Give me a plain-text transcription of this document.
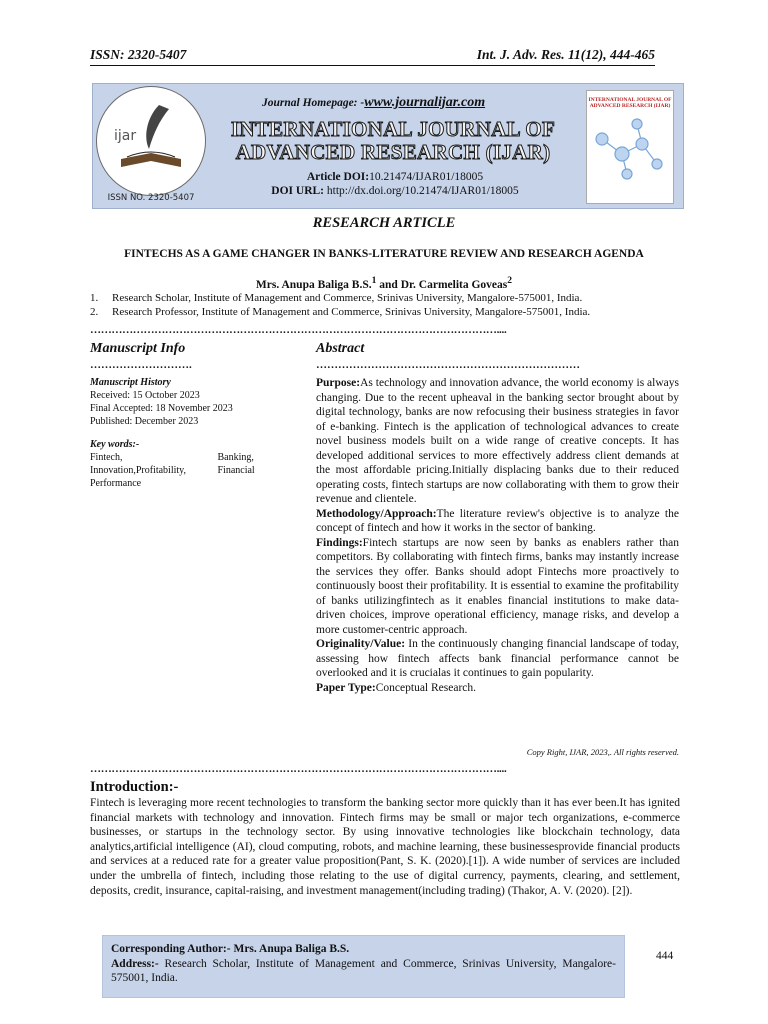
ISSN: 2320-5407	Int. J. Adv. Res. 11(12), 444-465
ijar
ISSN NO. 2320-5407
Journal Homepage: -www.journalijar.com
INTERNATIONAL JOURNAL OF
ADVANCED RESEARCH (IJAR)
Article DOI:10.21474/IJAR01/18005
DOI URL: http://dx.doi.org/10.21474/IJAR01/18005
INTERNATIONAL JOURNAL OF ADVANCED RESEARCH (IJAR)
RESEARCH ARTICLE
FINTECHS AS A GAME CHANGER IN BANKS-LITERATURE REVIEW AND RESEARCH AGENDA
Mrs. Anupa Baliga B.S.$^1$ and Dr. Carmelita Goveas$^2$
1. Research Scholar, Institute of Management and Commerce, Srinivas University, Mangalore-575001, India.
2. Research Professor, Institute of Management and Commerce, Srinivas University, Mangalore-575001, India.
……………………………………………………………………………………………………....
Manuscript Info
……………………….
Manuscript History
Received: 15 October 2023
Final Accepted: 18 November 2023
Published: December 2023
Key words:-
Fintech,	Banking,
Innovation,Profitability,	Financial
Performance
Abstract
………………………………………………………………

Purpose:As technology and innovation advance, the world economy is always changing. Due to the recent upheaval in the banking sector brought about by digital technology, banks are now refocusing their business strategies in favor of e-banking. Fintech is the application of technological advances to create novel business models built on a wide range of creative concepts. It has developed additional services to more effectively address client demands at the most affordable pricing.Initially displacing banks due to their reduced operating costs, fintech startups are now collaborating with them to grow their revenue and clientele.

Methodology/Approach:The literature review's objective is to analyze the concept of fintech and how it works in the sector of banking.

Findings:Fintech startups are now seen by banks as enablers rather than competitors. By collaborating with fintech firms, banks may instantly increase the services they offer. Banks should adopt Fintechs more proactively to continuously boost their profitability. It is essential to examine the profitability of banks utilizingfintech as it enables financial institutions to make data-driven choices, improve operational efficiency, manage risks, and develop a more customer-centric approach.

Originality/Value: In the continuously changing financial landscape of today, assessing how fintech affects bank financial performance cannot be overlooked and it is crucialas it continues to gain popularity.

Paper Type:Conceptual Research.

Copy Right, IJAR, 2023,. All rights reserved.
……………………………………………………………………………………………………....
Introduction:-
Fintech is leveraging more recent technologies to transform the banking sector more quickly than it has ever been.It has ignited financial markets with technology and innovation. Fintech firms may be small or major tech organizations, e-commerce businesses, or startups in the technology sector. By using innovative technologies like blockchain technology, data analytics,artificial intelligence (AI), cloud computing, robots, and machine learning, these businessesprovide financial products and services at a reduced rate for a greater value proposition(Pant, S. K. (2020).[1]). A wide number of services are included under the umbrella of fintech, including those relating to the use of digital currency, payments, clearing, and settlement, deposits, credit, insurance, capital-raising, and investment management(including trading) (Thakor, A. V. (2020). [2]).
Corresponding Author:- Mrs. Anupa Baliga B.S.
Address:- Research Scholar, Institute of Management and Commerce, Srinivas University, Mangalore-575001, India.
444
